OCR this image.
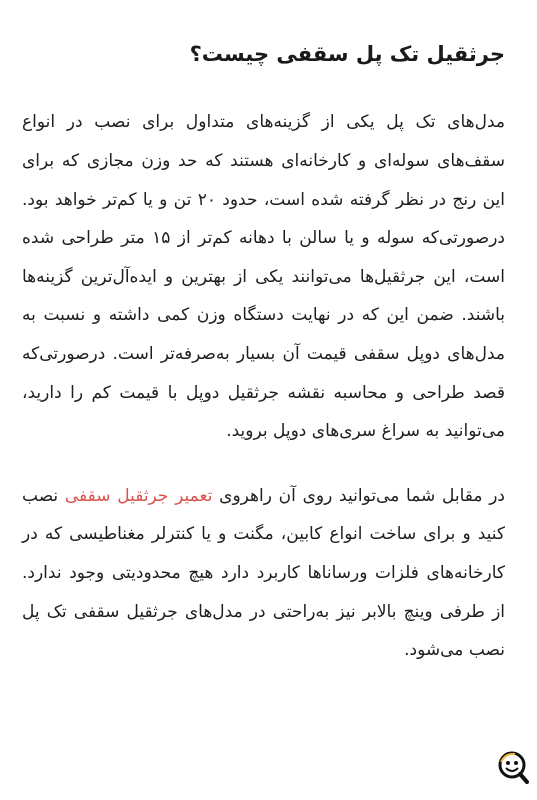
جرثقیل تک پل سقفی چیست؟

مدل‌های تک پل یکی از گزینه‌های متداول برای نصب در انواع سقف‌های سوله‌ای و کارخانه‌ای هستند که حد وزن مجازی که برای این رنج در نظر گرفته شده است، حدود ۲۰ تن و یا کم‌تر خواهد بود. درصورتی‌که سوله و یا سالن با دهانه کم‌تر از ۱۵ متر طراحی شده است، این جرثقیل‌ها می‌توانند یکی از بهترین و ایده‌آل‌ترین گزینه‌ها باشند. ضمن این که در نهایت دستگاه وزن کمی داشته و نسبت به مدل‌های دوپل سقفی قیمت آن بسیار به‌صرفه‌تر است. درصورتی‌که قصد طراحی و محاسبه نقشه جرثقیل دوپل با قیمت کم را دارید، می‌توانید به سراغ سری‌های دوپل بروید.

در مقابل شما می‌توانید روی آن راهروی تعمیر جرثقیل سقفی نصب کنید و برای ساخت انواع کابین، مگنت و یا کنترلر مغناطیسی که در کارخانه‌های فلزات ورسانا‌ها کاربرد دارد هیچ محدودیتی وجود ندارد. از طرفی وینچ بالابر نیز به‌راحتی در مدل‌های جرثقیل سقفی تک پل نصب می‌شود.
